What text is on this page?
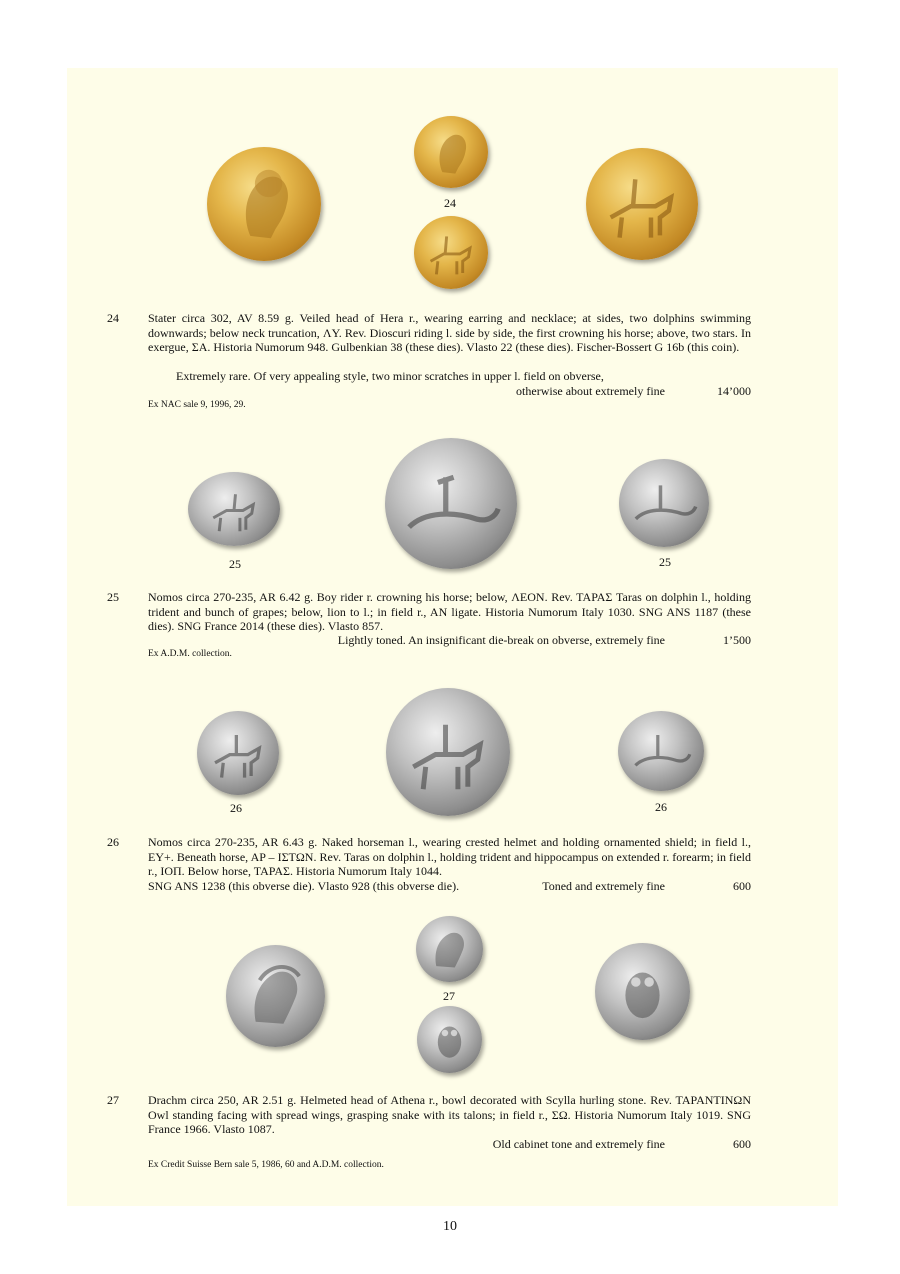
24
24 Stater circa 302, AV 8.59 g. Veiled head of Hera r., wearing earring and necklace; at sides, two dolphins swimming downwards; below neck truncation, ΛY. Rev. Dioscuri riding l. side by side, the first crowning his horse; above, two stars. In exergue, ΣA. Historia Numorum 948. Gulbenkian 38 (these dies). Vlasto 22 (these dies). Fischer-Bossert G 16b (this coin).
Extremely rare. Of very appealing style, two minor scratches in upper l. field on obverse,
otherwise about extremely fine	14’000
Ex NAC sale 9, 1996, 29.
25	25
25 Nomos circa 270-235, AR 6.42 g. Boy rider r. crowning his horse; below, ΛEON. Rev. TAPAΣ Taras on dolphin l., holding trident and bunch of grapes; below, lion to l.; in field r., AN ligate. Historia Numorum Italy 1030. SNG ANS 1187 (these dies). SNG France 2014 (these dies). Vlasto 857.
Lightly toned. An insignificant die-break on obverse, extremely fine	1’500
Ex A.D.M. collection.
26	26
26 Nomos circa 270-235, AR 6.43 g. Naked horseman l., wearing crested helmet and holding ornamented shield; in field l., EY+. Beneath horse, AP – IΣTΩN. Rev. Taras on dolphin l., holding trident and hippocampus on extended r. forearm; in field r., IOΠ. Below horse, TAPAΣ. Historia Numorum Italy 1044.
SNG ANS 1238 (this obverse die). Vlasto 928 (this obverse die).	Toned and extremely fine	600
27
27 Drachm circa 250, AR 2.51 g. Helmeted head of Athena r., bowl decorated with Scylla hurling stone. Rev. TAPANTINΩN Owl standing facing with spread wings, grasping snake with its talons; in field r., ΣΩ. Historia Numorum Italy 1019. SNG France 1966. Vlasto 1087.
Old cabinet tone and extremely fine	600
Ex Credit Suisse Bern sale 5, 1986, 60 and A.D.M. collection.
10
